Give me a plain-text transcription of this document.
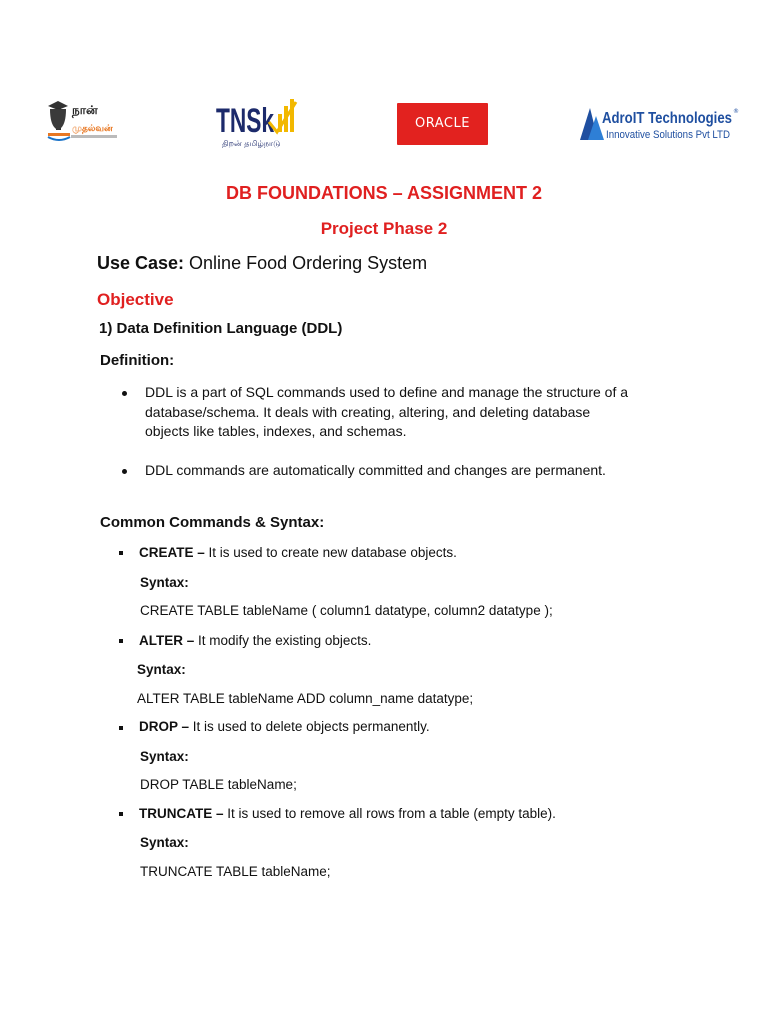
நான்
முதல்வன்	TNSk
திறன் தமிழ்நாடு
ORACLE	AdroIT Technologies ®
Innovative Solutions Pvt LTD
DB FOUNDATIONS – ASSIGNMENT 2
Project Phase 2
Use Case: Online Food Ordering System
Objective
1) Data Definition Language (DDL)
Definition:
DDL is a part of SQL commands used to define and manage the structure of a
database/schema. It deals with creating, altering, and deleting database
objects like tables, indexes, and schemas.
DDL commands are automatically committed and changes are permanent.
Common Commands & Syntax:
CREATE – It is used to create new database objects.
Syntax:
CREATE TABLE tableName ( column1 datatype, column2 datatype );
ALTER – It modify the existing objects.
Syntax:
ALTER TABLE tableName ADD column_name datatype;
DROP – It is used to delete objects permanently.
Syntax:
DROP TABLE tableName;
TRUNCATE – It is used to remove all rows from a table (empty table).
Syntax:
TRUNCATE TABLE tableName;
